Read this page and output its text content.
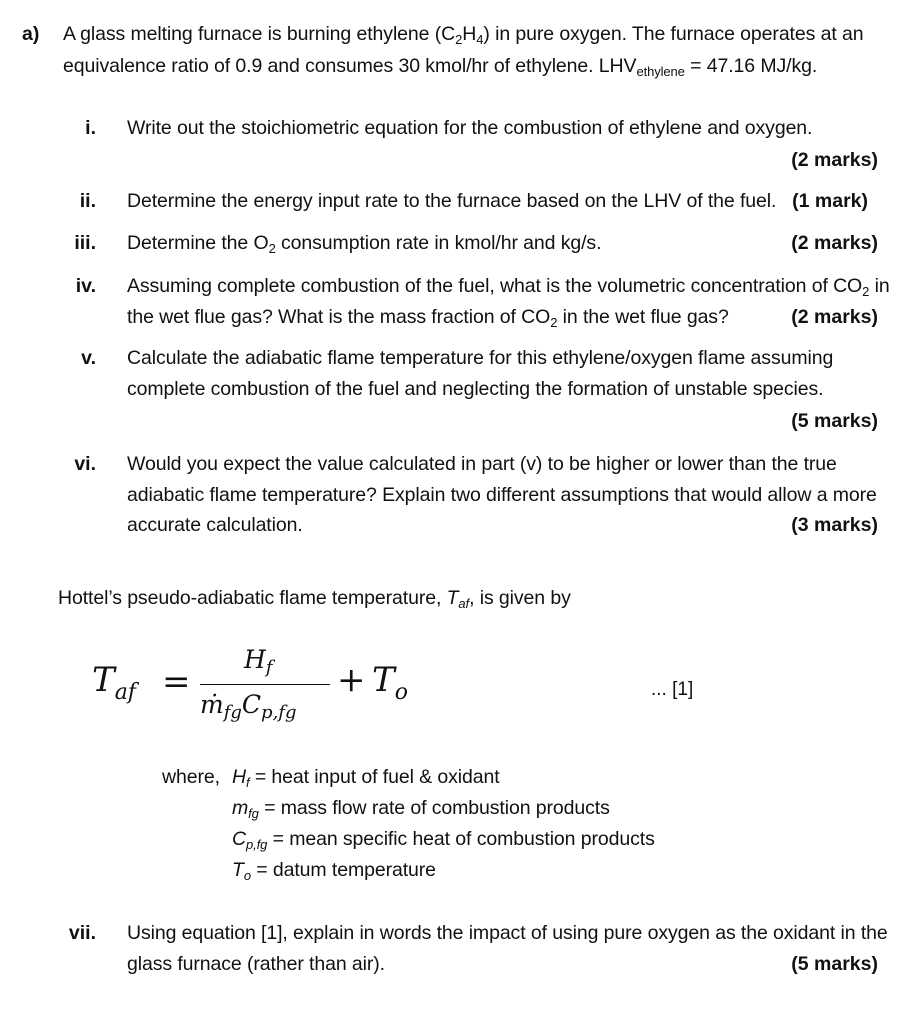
a) A glass melting furnace is burning ethylene $(C_2H_4)$ in pure oxygen. The furnace operates at an
equivalence ratio of 0.9 and consumes 30 kmol/hr of ethylene. $LHV_{ethylene} = 47.16$ MJ/kg.
i. Write out the stoichiometric equation for the combustion of ethylene and oxygen.
(2 marks)
ii. Determine the energy input rate to the furnace based on the LHV of the fuel. (1 mark)
iii. Determine the $O_2$ consumption rate in kmol/hr and kg/s.	(2 marks)
iv. Assuming complete combustion of the fuel, what is the volumetric concentration of $CO_2$ in
the wet flue gas? What is the mass fraction of $CO_2$ in the wet flue gas?	(2 marks)
v. Calculate the adiabatic flame temperature for this ethylene/oxygen flame assuming
complete combustion of the fuel and neglecting the formation of unstable species.
(5 marks)
vi. Would you expect the value calculated in part (v) to be higher or lower than the true
adiabatic flame temperature? Explain two different assumptions that would allow a more
accurate calculation.	(3 marks)
Hottel’s pseudo-adiabatic flame temperature, $T_{af}$, is given by
$T_{af}$ =
$H_f$
$ṁ_{fg}C_{p,fg}$
+ $T_o$	... [1]
where, $H_f$ = heat input of fuel & oxidant
$m_{fg}$ = mass flow rate of combustion products
$C_{p,fg}$ = mean specific heat of combustion products
$T_o$ = datum temperature
vii. Using equation [1], explain in words the impact of using pure oxygen as the oxidant in the
glass furnace (rather than air).	(5 marks)
